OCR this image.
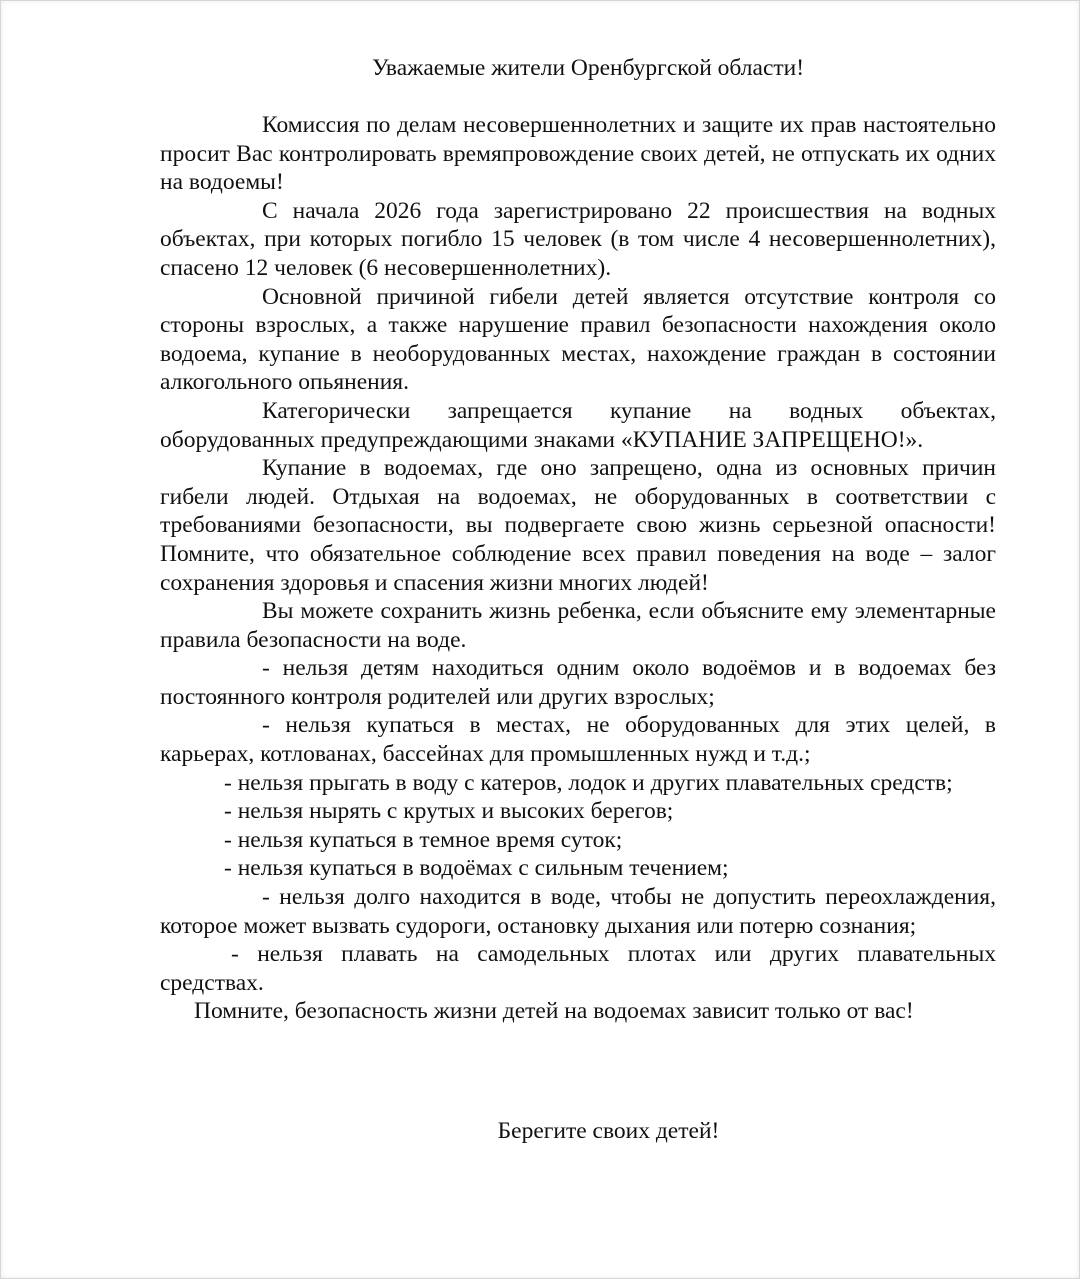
Уважаемые жители Оренбургской области!

Комиссия по делам несовершеннолетних и защите их прав настоятельно просит Вас контролировать времяпровождение своих детей, не отпускать их одних на водоемы!

С начала 2026 года зарегистрировано 22 происшествия на водных объектах, при которых погибло 15 человек (в том числе 4 несовершеннолетних), спасено 12 человек (6 несовершеннолетних).

Основной причиной гибели детей является отсутствие контроля со стороны взрослых, а также нарушение правил безопасности нахождения около водоема, купание в необорудованных местах, нахождение граждан в состоянии алкогольного опьянения.

Категорически запрещается купание на водных объектах, оборудованных предупреждающими знаками «КУПАНИЕ ЗАПРЕЩЕНО!».

Купание в водоемах, где оно запрещено, одна из основных причин гибели людей. Отдыхая на водоемах, не оборудованных в соответствии с требованиями безопасности, вы подвергаете свою жизнь серьезной опасности! Помните, что обязательное соблюдение всех правил поведения на воде – залог сохранения здоровья и спасения жизни многих людей!

Вы можете сохранить жизнь ребенка, если объясните ему элементарные правила безопасности на воде.

- нельзя детям находиться одним около водоёмов и в водоемах без постоянного контроля родителей или других взрослых;

- нельзя купаться в местах, не оборудованных для этих целей, в карьерах, котлованах, бассейнах для промышленных нужд и т.д.;

- нельзя прыгать в воду с катеров, лодок и других плавательных средств;

- нельзя нырять с крутых и высоких берегов;

- нельзя купаться в темное время суток;

- нельзя купаться в водоёмах с сильным течением;

- нельзя долго находится в воде, чтобы не допустить переохлаждения, которое может вызвать судороги, остановку дыхания или потерю сознания;

- нельзя плавать на самодельных плотах или других плавательных средствах.

Помните, безопасность жизни детей на водоемах зависит только от вас!

Берегите своих детей!
